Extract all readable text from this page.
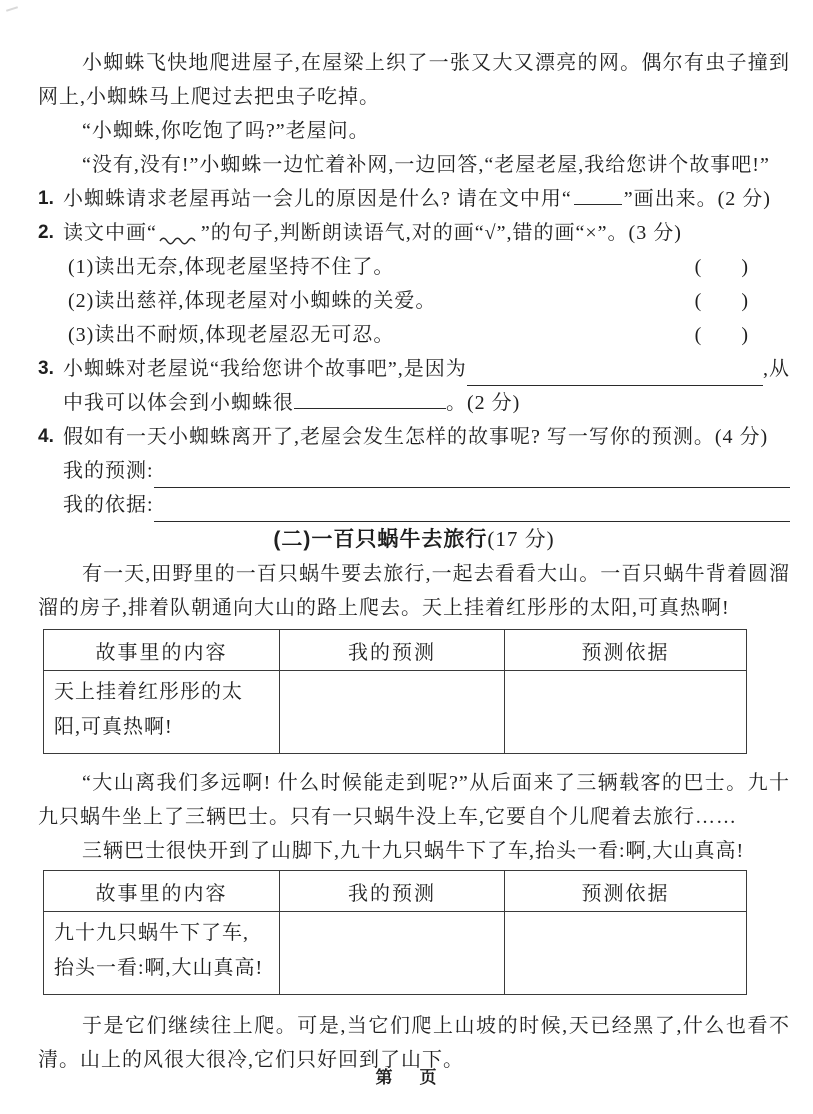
小蜘蛛飞快地爬进屋子,在屋梁上织了一张又大又漂亮的网。偶尔有虫子撞到网上,小蜘蛛马上爬过去把虫子吃掉。

“小蜘蛛,你吃饱了吗?”老屋问。

“没有,没有!”小蜘蛛一边忙着补网,一边回答,“老屋老屋,我给您讲个故事吧!”

1. 小蜘蛛请求老屋再站一会儿的原因是什么? 请在文中用“	”画出来。(2 分)
2. 读文中画“ ”的句子,判断朗读语气,对的画“√”,错的画“×”。(3 分)
(1)读出无奈,体现老屋坚持不住了。	(　　)
(2)读出慈祥,体现老屋对小蜘蛛的关爱。	(　　)
(3)读出不耐烦,体现老屋忍无可忍。	(　　)
3. 小蜘蛛对老屋说“我给您讲个故事吧”,是因为	,从
中我可以体会到小蜘蛛很	。(2 分)
4. 假如有一天小蜘蛛离开了,老屋会发生怎样的故事呢? 写一写你的预测。(4 分)
我的预测:
我的依据:
(二)一百只蜗牛去旅行(17 分)

有一天,田野里的一百只蜗牛要去旅行,一起去看看大山。一百只蜗牛背着圆溜溜的房子,排着队朝通向大山的路上爬去。天上挂着红彤彤的太阳,可真热啊!

故事里的内容	我的预测	预测依据
天上挂着红彤彤的太阳,可真热啊!		

“大山离我们多远啊! 什么时候能走到呢?”从后面来了三辆载客的巴士。九十九只蜗牛坐上了三辆巴士。只有一只蜗牛没上车,它要自个儿爬着去旅行……

三辆巴士很快开到了山脚下,九十九只蜗牛下了车,抬头一看:啊,大山真高!

故事里的内容	我的预测	预测依据
九十九只蜗牛下了车,抬头一看:啊,大山真高!		

于是它们继续往上爬。可是,当它们爬上山坡的时候,天已经黑了,什么也看不清。山上的风很大很冷,它们只好回到了山下。

第 页
